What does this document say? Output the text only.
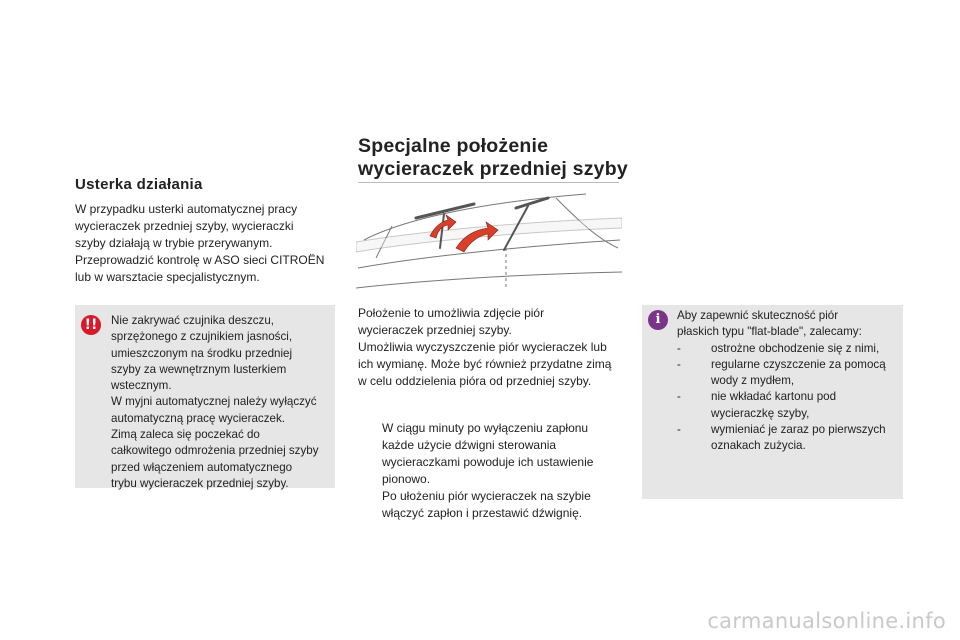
Usterka działania
W przypadku usterki automatycznej pracy
wycieraczek przedniej szyby, wycieraczki
szyby działają w trybie przerywanym.
Przeprowadzić kontrolę w ASO sieci CITROËN
lub w warsztacie specjalistycznym.
!!	Nie zakrywać czujnika deszczu,
sprzężonego z czujnikiem jasności,
umieszczonym na środku przedniej
szyby za wewnętrznym lusterkiem
wstecznym.
W myjni automatycznej należy wyłączyć
automatyczną pracę wycieraczek.
Zimą zaleca się poczekać do
całkowitego odmrożenia przedniej szyby
przed włączeniem automatycznego
trybu wycieraczek przedniej szyby.
Specjalne położenie
wycieraczek przedniej szyby
Położenie to umożliwia zdjęcie piór
wycieraczek przedniej szyby.
Umożliwia wyczyszczenie piór wycieraczek lub
ich wymianę. Może być również przydatne zimą
w celu oddzielenia pióra od przedniej szyby.
W ciągu minuty po wyłączeniu zapłonu
każde użycie dźwigni sterowania
wycieraczkami powoduje ich ustawienie
pionowo.
Po ułożeniu piór wycieraczek na szybie
włączyć zapłon i przestawić dźwignię.
i	Aby zapewnić skuteczność piór
płaskich typu "flat-blade", zalecamy:
-	ostrożne obchodzenie się z nimi,
-	regularne czyszczenie za pomocą
wody z mydłem,
-	nie wkładać kartonu pod
wycieraczkę szyby,
-	wymieniać je zaraz po pierwszych
oznakach zużycia.
carmanualsonline.info
